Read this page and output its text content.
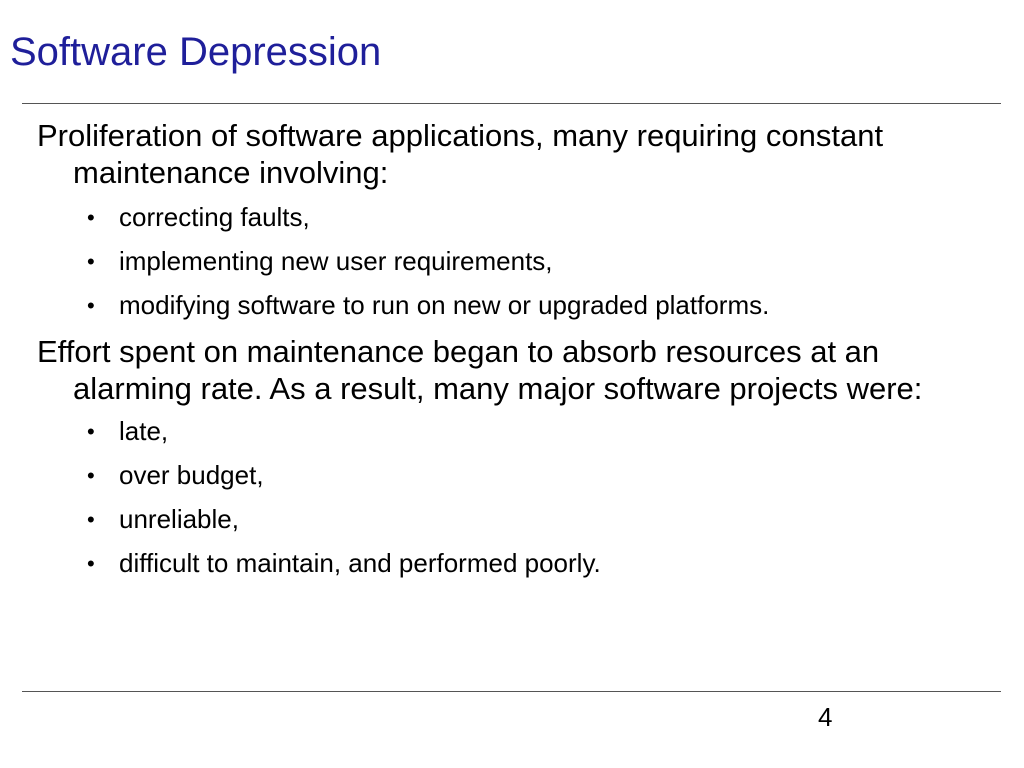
Software Depression

Proliferation of software applications, many requiring constant maintenance involving:

• correcting faults,
• implementing new user requirements,
• modifying software to run on new or upgraded platforms.

Effort spent on maintenance began to absorb resources at an alarming rate. As a result, many major software projects were:

• late,
• over budget,
• unreliable,
• difficult to maintain, and performed poorly.
4
